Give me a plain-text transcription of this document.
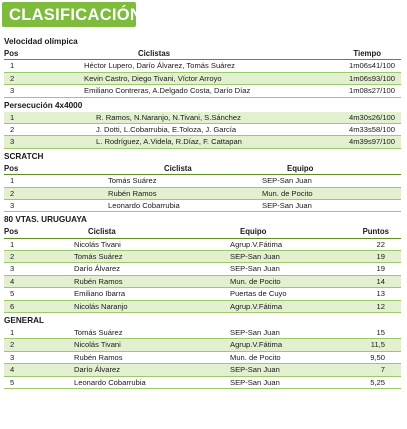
CLASIFICACIÓN
Velocidad olímpica
Pos	Ciclistas	Tiempo
1	Héctor Lupero, Darío Álvarez, Tomás Suárez	1m06s41/100
2	Kevin Castro, Diego Tivani, Víctor Arroyo	1m06s93/100
3	Emiliano Contreras, A.Delgado Costa, Darío Díaz	1m08s27/100
Persecución 4x4000
1	R. Ramos, N.Naranjo, N.Tivani, S.Sánchez	4m30s26/100
2	J. Dotti, L.Cobarrubia, E.Toloza, J. García	4m33s58/100
3	L. Rodríguez, A.Videla, R.Díaz, F. Cattapan	4m39s97/100
SCRATCH
Pos	Ciclista	Equipo
1	Tomás Suárez	SEP-San Juan
2	Rubén Ramos	Mun. de Pocito
3	Leonardo Cobarrubia	SEP-San Juan
80 VTAS. URUGUAYA
Pos	Ciclista	Equipo	Puntos
1	Nicolás Tivani	Agrup.V.Fátima	22
2	Tomás Suárez	SEP-San Juan	19
3	Darío Álvarez	SEP-San Juan	19
4	Rubén Ramos	Mun. de Pocito	14
5	Emiliano Ibarra	Puertas de Cuyo	13
6	Nicolás Naranjo	Agrup.V.Fátima	12
GENERAL
1	Tomás Suárez	SEP-San Juan	15
2	Nicolás Tivani	Agrup.V.Fátima	11,5
3	Rubén Ramos	Mun. de Pocito	9,50
4	Darío Álvarez	SEP-San Juan	7
5	Leonardo Cobarrubia	SEP-San Juan	5,25
